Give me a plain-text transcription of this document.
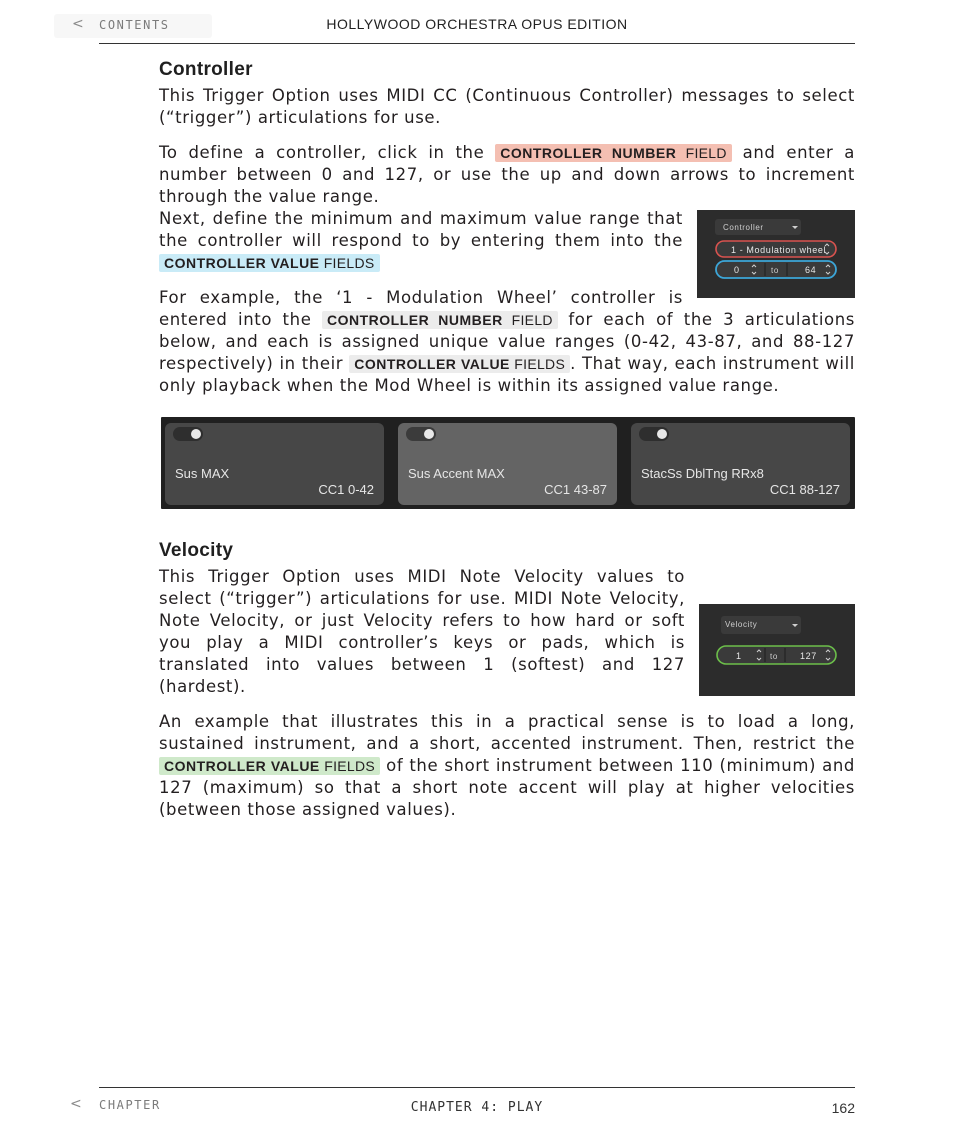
< CONTENTS	HOLLYWOOD ORCHESTRA OPUS EDITION
Controller

This Trigger Option uses MIDI CC (Continuous Controller) messages to select (“trigger”) articulations for use.

To define a controller, click in the CONTROLLER NUMBER FIELD and enter a number between 0 and 127, or use the up and down arrows to increment through the value range.

Controller
1 - Modulation wheel
0	to	64

Next, define the minimum and maximum value range that the controller will respond to by entering them into the CONTROLLER VALUE FIELDS

For example, the ‘1 - Modulation Wheel’ controller is entered into the CONTROLLER NUMBER FIELD for each of the 3 articulations below, and each is assigned unique value ranges (0-42, 43-87, and 88-127 respectively) in their CONTROLLER VALUE FIELDS . That way, each instrument will only playback when the Mod Wheel is within its assigned value range.

Sus MAX
CC1 0-42
Sus Accent MAX
CC1 43-87
StacSs DblTng RRx8
CC1 88-127
Velocity
Velocity
1	to 127

This Trigger Option uses MIDI Note Velocity values to select (“trigger”) articulations for use. MIDI Note Velocity, Note Velocity, or just Velocity refers to how hard or soft you play a MIDI controller’s keys or pads, which is translated into values between 1 (softest) and 127 (hardest).

An example that illustrates this in a practical sense is to load a long, sustained instrument, and a short, accented instrument. Then, restrict the CONTROLLER VALUE FIELDS of the short instrument between 110 (minimum) and 127 (maximum) so that a short note accent will play at higher velocities (between those assigned values).

< CHAPTER	CHAPTER 4: PLAY	162
